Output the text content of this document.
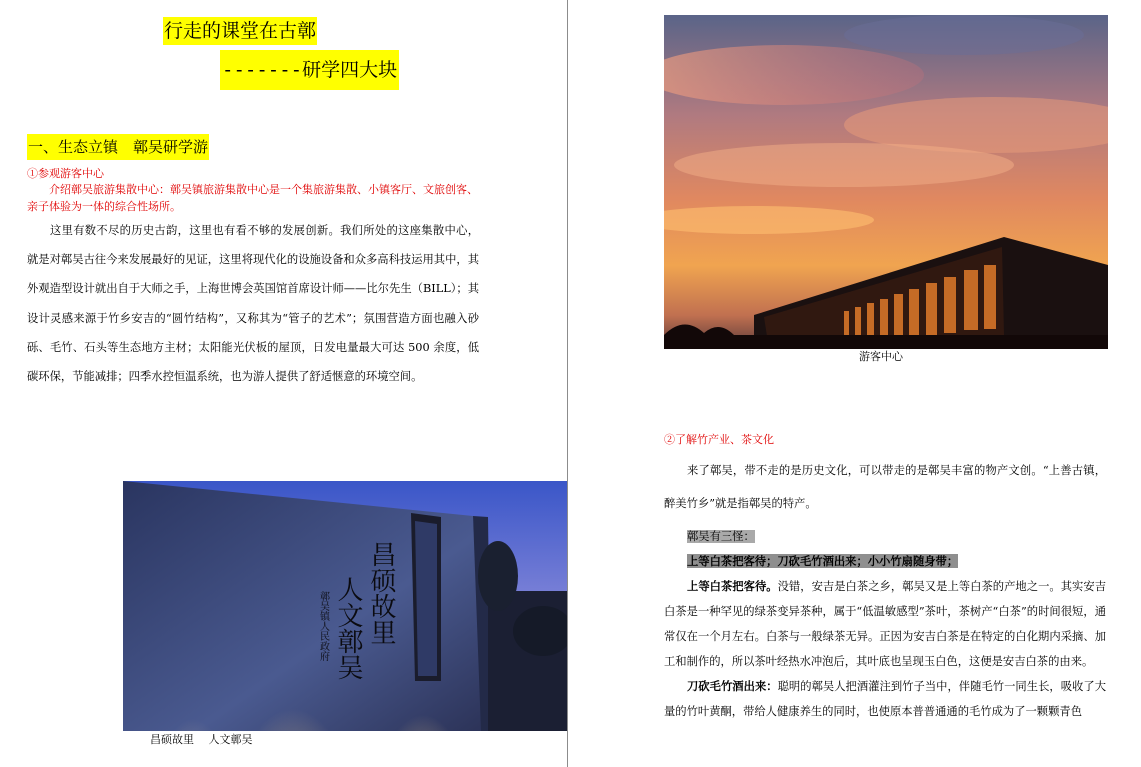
行走的课堂在古鄣
-------研学四大块
一、生态立镇　鄣吴研学游
①参观游客中心
介绍鄣吴旅游集散中心：鄣吴镇旅游集散中心是一个集旅游集散、小镇客厅、文旅创客、亲子体验为一体的综合性场所。

这里有数不尽的历史古韵，这里也有看不够的发展创新。我们所处的这座集散中心，就是对鄣吴古往今来发展最好的见证，这里将现代化的设施设备和众多高科技运用其中，其外观造型设计就出自于大师之手，上海世博会英国馆首席设计师——比尔先生（BILL）；其设计灵感来源于竹乡安吉的“圆竹结构”，又称其为“管子的艺术”；氛围营造方面也融入砂砾、毛竹、石头等生态地方主材；太阳能光伏板的屋顶，日发电量最大可达 500 余度，低碳环保，节能减排；四季水控恒温系统，也为游人提供了舒适惬意的环境空间。

昌硕故里
人文鄣吴
鄣吴镇人民政府
昌硕故里　 人文鄣吴
游客中心
②了解竹产业、茶文化

来了鄣吴，带不走的是历史文化，可以带走的是鄣吴丰富的物产文创。“上善古镇，醉美竹乡”就是指鄣吴的特产。

鄣吴有三怪：

上等白茶把客待；刀砍毛竹酒出来；小小竹扇随身带；

上等白茶把客待。没错，安吉是白茶之乡，鄣吴又是上等白茶的产地之一。其实安吉白茶是一种罕见的绿茶变异茶种，属于“低温敏感型”茶叶，茶树产“白茶”的时间很短，通常仅在一个月左右。白茶与一般绿茶无异。正因为安吉白茶是在特定的白化期内采摘、加工和制作的，所以茶叶经热水冲泡后，其叶底也呈现玉白色，这便是安吉白茶的由来。

刀砍毛竹酒出来：聪明的鄣吴人把酒灌注到竹子当中，伴随毛竹一同生长，吸收了大量的竹叶黄酮，带给人健康养生的同时，也使原本普普通通的毛竹成为了一颗颗青色
